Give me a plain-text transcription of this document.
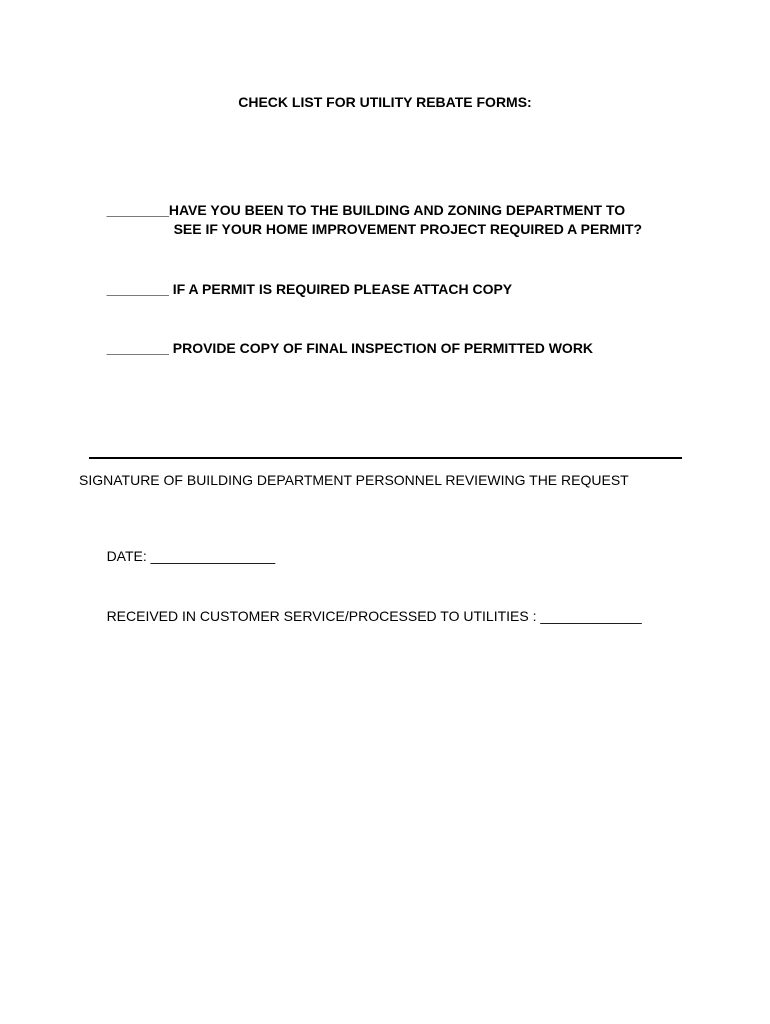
CHECK LIST FOR UTILITY REBATE FORMS:

________HAVE YOU BEEN TO THE BUILDING AND ZONING DEPARTMENT TO

SEE IF YOUR HOME IMPROVEMENT PROJECT REQUIRED A PERMIT?

________ IF A PERMIT IS REQUIRED PLEASE ATTACH COPY

________ PROVIDE COPY OF FINAL INSPECTION OF PERMITTED WORK

SIGNATURE OF BUILDING DEPARTMENT PERSONNEL REVIEWING THE REQUEST

DATE: ________________

RECEIVED IN CUSTOMER SERVICE/PROCESSED TO UTILITIES : _____________
